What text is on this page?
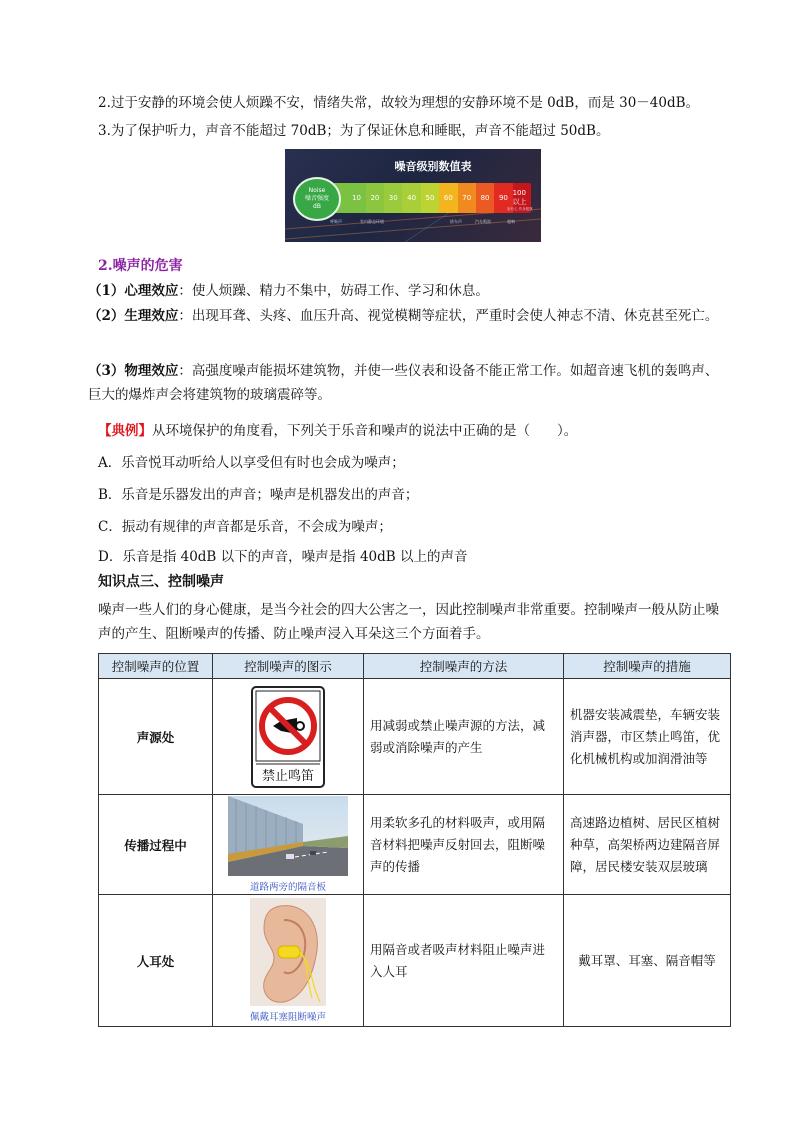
2.过于安静的环境会使人烦躁不安，情绪失常，故较为理想的安静环境不是 0dB，而是 30－40dB。
3.为了保护听力，声音不能超过 70dB；为了保证休息和睡眠，声音不能超过 50dB。
噪音级别数值表
10	20	30	40	50	60	70	80	90
100以上
Noise
噪音强度
dB
呼吸声	室内静态环境	轿车声	汽车鸣笛	超响
如有心 伤身健康
2.噪声的危害
（1）心理效应：使人烦躁、精力不集中，妨碍工作、学习和休息。
（2）生理效应：出现耳聋、头疼、血压升高、视觉模糊等症状，严重时会使人神志不清、休克甚至死亡。
（3）物理效应：高强度噪声能损坏建筑物，并使一些仪表和设备不能正常工作。如超音速飞机的轰鸣声、巨大的爆炸声会将建筑物的玻璃震碎等。
【典例】从环境保护的角度看，下列关于乐音和噪声的说法中正确的是（　　）。
A．乐音悦耳动听给人以享受但有时也会成为噪声；
B．乐音是乐器发出的声音；噪声是机器发出的声音；
C．振动有规律的声音都是乐音，不会成为噪声；
D．乐音是指 40dB 以下的声音，噪声是指 40dB 以上的声音
知识点三、控制噪声
噪声一些人们的身心健康，是当今社会的四大公害之一，因此控制噪声非常重要。控制噪声一般从防止噪声的产生、阻断噪声的传播、防止噪声浸入耳朵这三个方面着手。
控制噪声的位置	控制噪声的图示	控制噪声的方法	控制噪声的措施
声源处	禁止鸣笛	用减弱或禁止噪声源的方法，减弱或消除噪声的产生	机器安装减震垫，车辆安装消声器，市区禁止鸣笛，优化机械机构或加润滑油等
传播过程中	道路两旁的隔音板	用柔软多孔的材料吸声，或用隔音材料把噪声反射回去，阻断噪声的传播	高速路边植树、居民区植树种草，高架桥两边建隔音屏障，居民楼安装双层玻璃
人耳处	佩戴耳塞阻断噪声	用隔音或者吸声材料阻止噪声进入人耳	戴耳罩、耳塞、隔音帽等
